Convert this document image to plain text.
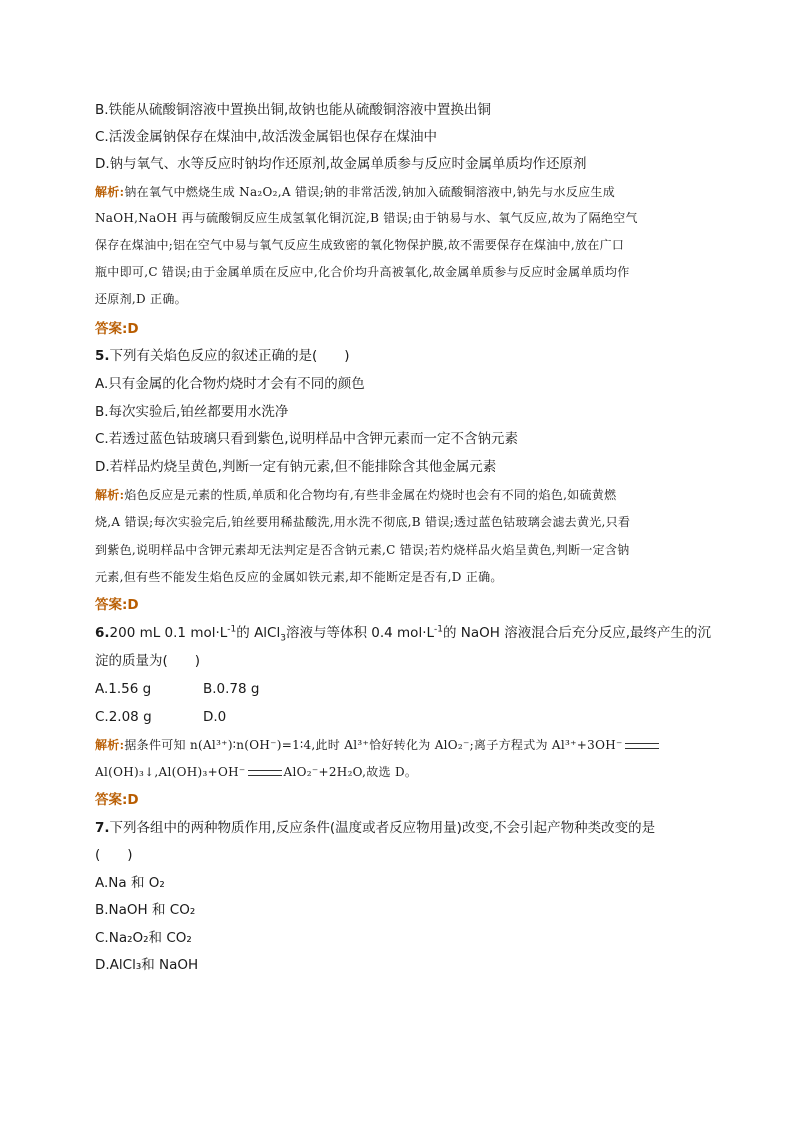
B.铁能从硫酸铜溶液中置换出铜,故钠也能从硫酸铜溶液中置换出铜
C.活泼金属钠保存在煤油中,故活泼金属铝也保存在煤油中
D.钠与氧气、水等反应时钠均作还原剂,故金属单质参与反应时金属单质均作还原剂
解析:钠在氧气中燃烧生成 Na₂O₂,A 错误;钠的非常活泼,钠加入硫酸铜溶液中,钠先与水反应生成
NaOH,NaOH 再与硫酸铜反应生成氢氧化铜沉淀,B 错误;由于钠易与水、氧气反应,故为了隔绝空气
保存在煤油中;铝在空气中易与氧气反应生成致密的氧化物保护膜,故不需要保存在煤油中,放在广口
瓶中即可,C 错误;由于金属单质在反应中,化合价均升高被氧化,故金属单质参与反应时金属单质均作
还原剂,D 正确。
答案:D
5.下列有关焰色反应的叙述正确的是(　　)
A.只有金属的化合物灼烧时才会有不同的颜色
B.每次实验后,铂丝都要用水洗净
C.若透过蓝色钴玻璃只看到紫色,说明样品中含钾元素而一定不含钠元素
D.若样品灼烧呈黄色,判断一定有钠元素,但不能排除含其他金属元素
解析:焰色反应是元素的性质,单质和化合物均有,有些非金属在灼烧时也会有不同的焰色,如硫黄燃
烧,A 错误;每次实验完后,铂丝要用稀盐酸洗,用水洗不彻底,B 错误;透过蓝色钴玻璃会滤去黄光,只看
到紫色,说明样品中含钾元素却无法判定是否含钠元素,C 错误;若灼烧样品火焰呈黄色,判断一定含钠
元素,但有些不能发生焰色反应的金属如铁元素,却不能断定是否有,D 正确。
答案:D
6.200 mL 0.1 $mol\cdot L^{-1}$的 AlCl$_3$溶液与等体积 0.4 $mol\cdot L^{-1}$的 NaOH 溶液混合后充分反应,最终产生的沉
淀的质量为(　　)
A.1.56 g	B.0.78 g
C.2.08 g	D.0
解析:据条件可知 n(Al³⁺)∶n(OH⁻)=1∶4,此时 Al³⁺恰好转化为 AlO₂⁻;离子方程式为 Al³⁺+3OH⁻
Al(OH)₃↓,Al(OH)₃+OH⁻	AlO₂⁻+2H₂O,故选 D。
答案:D
7.下列各组中的两种物质作用,反应条件(温度或者反应物用量)改变,不会引起产物种类改变的是
(　　)
A.Na 和 O₂
B.NaOH 和 CO₂
C.Na₂O₂和 CO₂
D.AlCl₃和 NaOH
